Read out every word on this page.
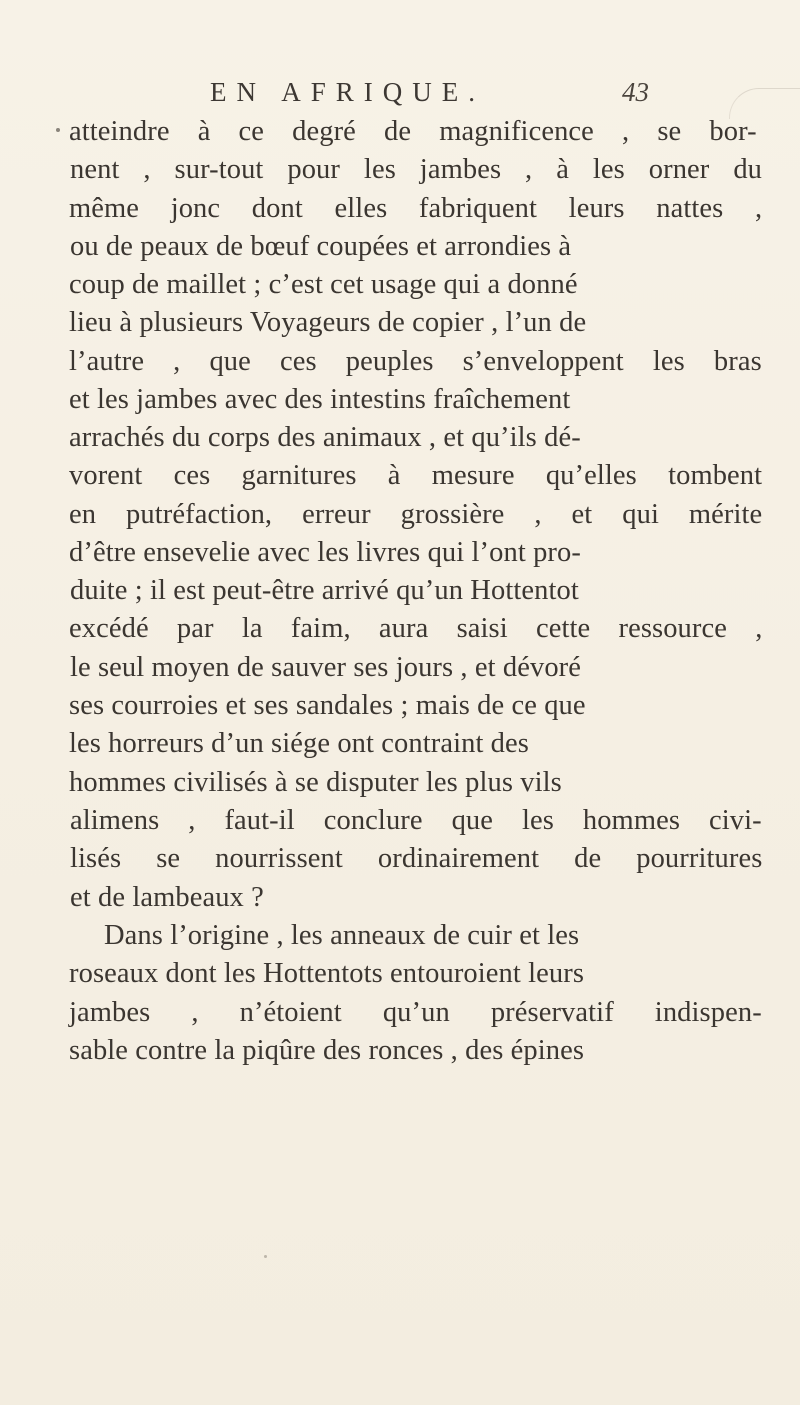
EN AFRIQUE.	43
atteindre à ce degré de magnificence , se bor-
nent , sur-tout pour les jambes , à les orner du
même jonc dont elles fabriquent leurs nattes ,
ou de peaux de bœuf coupées et arrondies à
coup de maillet ; c’est cet usage qui a donné
lieu à plusieurs Voyageurs de copier , l’un de
l’autre , que ces peuples s’enveloppent les bras
et les jambes avec des intestins fraîchement
arrachés du corps des animaux , et qu’ils dé-
vorent ces garnitures à mesure qu’elles tombent
en putréfaction, erreur grossière , et qui mérite
d’être ensevelie avec les livres qui l’ont pro-
duite ; il est peut-être arrivé qu’un Hottentot
excédé par la faim, aura saisi cette ressource ,
le seul moyen de sauver ses jours , et dévoré
ses courroies et ses sandales ; mais de ce que
les horreurs d’un siége ont contraint des
hommes civilisés à se disputer les plus vils
alimens , faut-il conclure que les hommes civi-
lisés se nourrissent ordinairement de pourritures
et de lambeaux ?
Dans l’origine , les anneaux de cuir et les
roseaux dont les Hottentots entouroient leurs
jambes , n’étoient qu’un préservatif indispen-
sable contre la piqûre des ronces , des épines
